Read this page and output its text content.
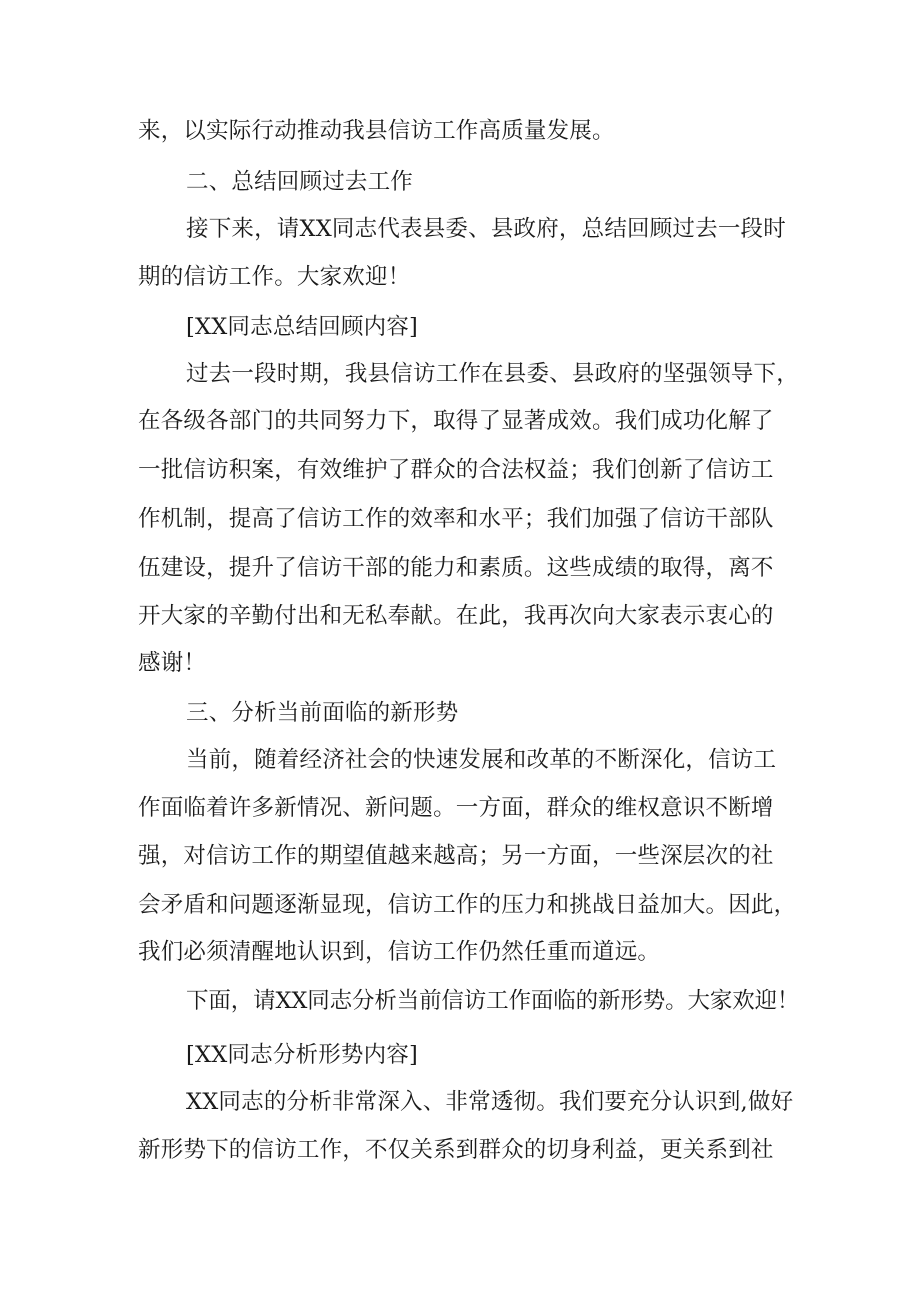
来，以实际行动推动我县信访工作高质量发展。
二、总结回顾过去工作
接下来，请XX同志代表县委、县政府，总结回顾过去一段时
期的信访工作。大家欢迎！
[XX同志总结回顾内容]
过去一段时期，我县信访工作在县委、县政府的坚强领导下，
在各级各部门的共同努力下，取得了显著成效。我们成功化解了
一批信访积案，有效维护了群众的合法权益；我们创新了信访工
作机制，提高了信访工作的效率和水平；我们加强了信访干部队
伍建设，提升了信访干部的能力和素质。这些成绩的取得，离不
开大家的辛勤付出和无私奉献。在此，我再次向大家表示衷心的
感谢！
三、分析当前面临的新形势
当前，随着经济社会的快速发展和改革的不断深化，信访工
作面临着许多新情况、新问题。一方面，群众的维权意识不断增
强，对信访工作的期望值越来越高；另一方面，一些深层次的社
会矛盾和问题逐渐显现，信访工作的压力和挑战日益加大。因此，
我们必须清醒地认识到，信访工作仍然任重而道远。
下面，请XX同志分析当前信访工作面临的新形势。大家欢迎！
[XX同志分析形势内容]
XX同志的分析非常深入、非常透彻。我们要充分认识到,做好
新形势下的信访工作，不仅关系到群众的切身利益，更关系到社
